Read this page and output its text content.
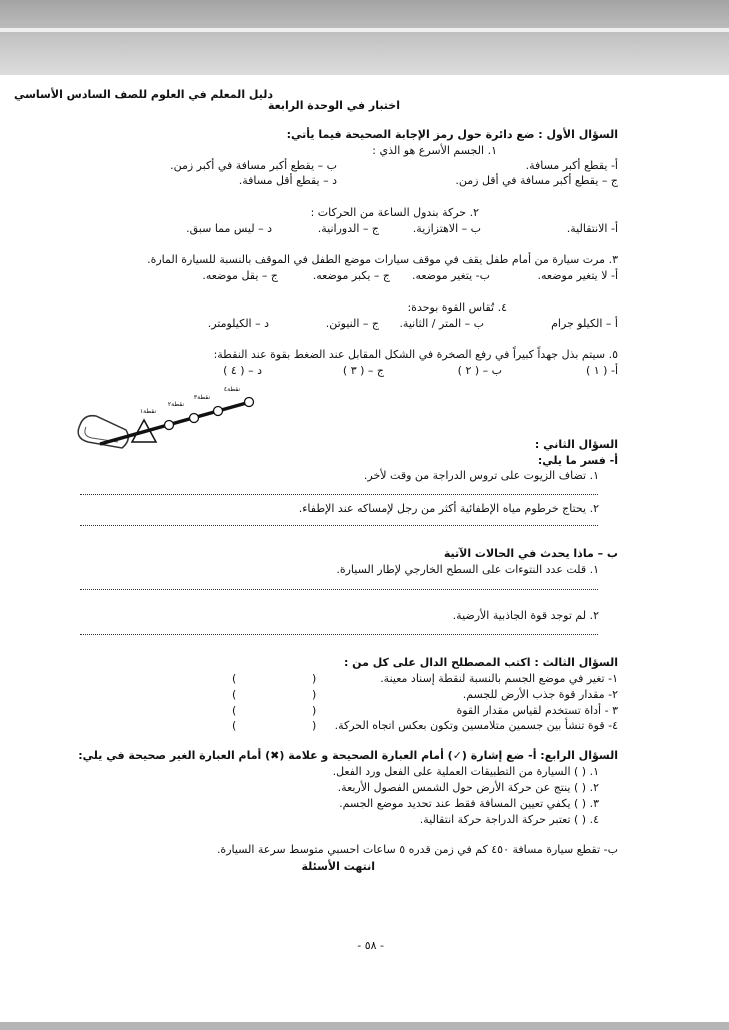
دليل المعلم في العلوم للصف السادس الأساسي
اختبار في الوحدة الرابعة
السؤال الأول : ضع دائرة حول رمز الإجابة الصحيحة فيما يأتي:
١. الجسم الأسرع هو الذي :
أ- يقطع أكبر مسافة.
ب – يقطع أكبر مسافة في أكبر زمن.
ج – يقطع أكبر مسافة في أقل زمن.
د – يقطع أقل مسافة.
٢. حركة بندول الساعة من الحركات :
أ- الانتقالية.
ب – الاهتزازية.
ج – الدورانية.
د – ليس مما سبق.
٣. مرت سيارة من أمام طفل يقف في موقف سيارات موضع الطفل في الموقف بالنسبة للسيارة المارة.
أ- لا يتغير موضعه.
ب- يتغير موضعه.
ج – يكبر موضعه.
ج – يقل موضعه.
٤. تُقاس القوة بوحدة:
أ – الكيلو جرام
ب – المتر / الثانية.
ج – النيوتن.
د – الكيلومتر.
٥. سيتم بذل جهداً كبيراً في رفع الصخرة في الشكل المقابل عند الضغط بقوة عند النقطة:
أ- ( ١ )
ب – ( ٢ )
ج – ( ٣ )
د – ( ٤ )
نقطة٤
نقطة٣
نقطة٢
نقطة١
السؤال الثاني :
أ- فسر ما يلي:
١. تضاف الزيوت على تروس الدراجة من وقت لأخر.
٢. يحتاج خرطوم مياه الإطفائية أكثر من رجل لإمساكه عند الإطفاء.
ب – ماذا يحدث في الحالات الآتية
١. قلت عدد النتوءات على السطح الخارجي لإطار السيارة.
٢. لم توجد قوة الجاذبية الأرضية.
السؤال الثالث : اكتب المصطلح الدال على كل من :
١- تغير في موضع الجسم بالنسبة لنقطة إسناد معينة.
٢- مقدار قوة جذب الأرض للجسم.
٣ - أداة تستخدم لقياس مقدار القوة
٤- قوة تنشأ بين جسمين متلامسين وتكون بعكس اتجاه الحركة.
(	)
(	)
(	)
(	)
السؤال الرابع: أ- ضع إشارة (✓) أمام العبارة الصحيحة و علامة (✖) أمام العبارة الغير صحيحة في يلي:
١. ( ) السيارة من التطبيقات العملية على الفعل ورد الفعل.
٢. ( ) ينتج عن حركة الأرض حول الشمس الفصول الأربعة.
٣. ( ) يكفي تعيين المسافة فقط عند تحديد موضع الجسم.
٤. ( ) تعتبر حركة الدراجة حركة انتقالية.
ب- تقطع سيارة مسافة ٤٥٠ كم في زمن قدره ٥ ساعات احسبي متوسط سرعة السيارة.
انتهت الأسئلة
- ٥٨ -
